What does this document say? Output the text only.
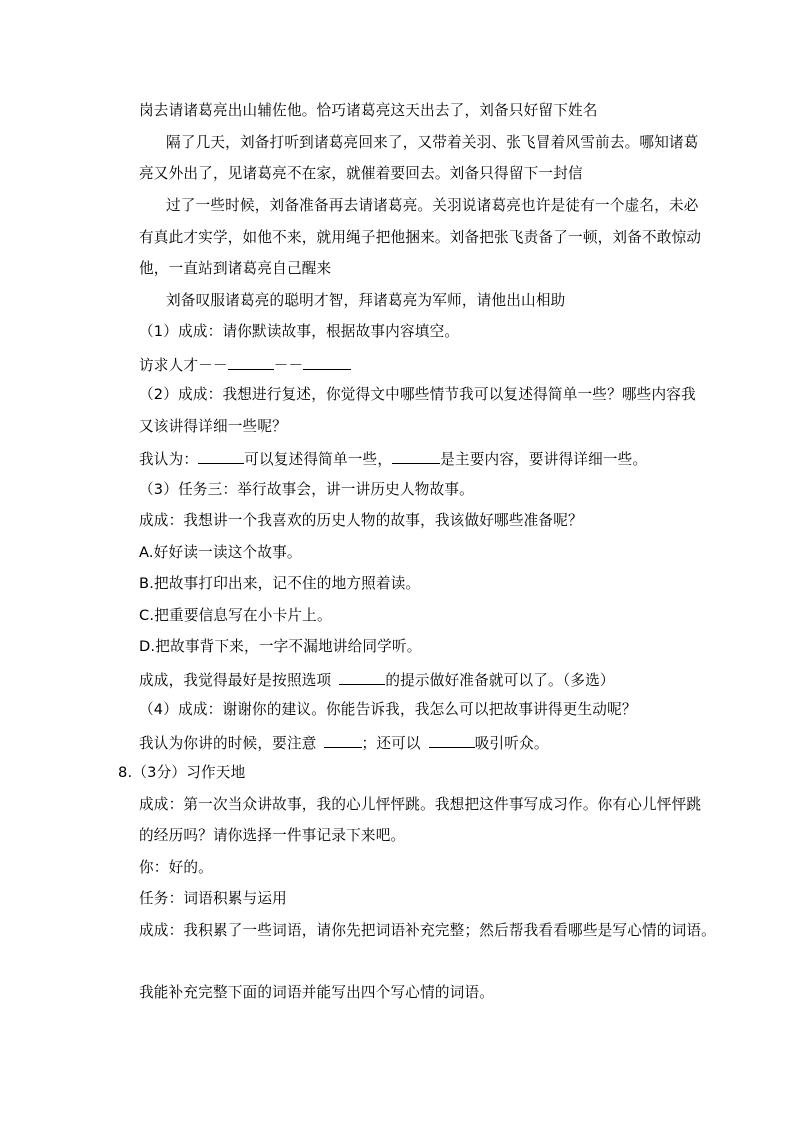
岗去请诸葛亮出山辅佐他。恰巧诸葛亮这天出去了，刘备只好留下姓名
隔了几天，刘备打听到诸葛亮回来了，又带着关羽、张飞冒着风雪前去。哪知诸葛
亮又外出了，见诸葛亮不在家，就催着要回去。刘备只得留下一封信
过了一些时候，刘备准备再去请诸葛亮。关羽说诸葛亮也许是徒有一个虚名，未必
有真此才实学，如他不来，就用绳子把他捆来。刘备把张飞责备了一顿，刘备不敢惊动
他，一直站到诸葛亮自己醒来
刘备叹服诸葛亮的聪明才智，拜诸葛亮为军师，请他出山相助
（1）成成：请你默读故事，根据故事内容填空。
访求人才－－	－－
（2）成成：我想进行复述，你觉得文中哪些情节我可以复述得简单一些？哪些内容我
又该讲得详细一些呢？
我认为：	可以复述得简单一些，	是主要内容，要讲得详细一些。
（3）任务三：举行故事会，讲一讲历史人物故事。
成成：我想讲一个我喜欢的历史人物的故事，我该做好哪些准备呢？
A.好好读一读这个故事。
B.把故事打印出来，记不住的地方照着读。
C.把重要信息写在小卡片上。
D.把故事背下来，一字不漏地讲给同学听。
成成，我觉得最好是按照选项	的提示做好准备就可以了。（多选）
（4）成成：谢谢你的建议。你能告诉我，我怎么可以把故事讲得更生动呢？
我认为你讲的时候，要注意	；还可以	吸引听众。
8.（3分）习作天地
成成：第一次当众讲故事，我的心儿怦怦跳。我想把这件事写成习作。你有心儿怦怦跳
的经历吗？请你选择一件事记录下来吧。
你：好的。
任务：词语积累与运用
成成：我积累了一些词语，请你先把词语补充完整；然后帮我看看哪些是写心情的词语。
我能补充完整下面的词语并能写出四个写心情的词语。
